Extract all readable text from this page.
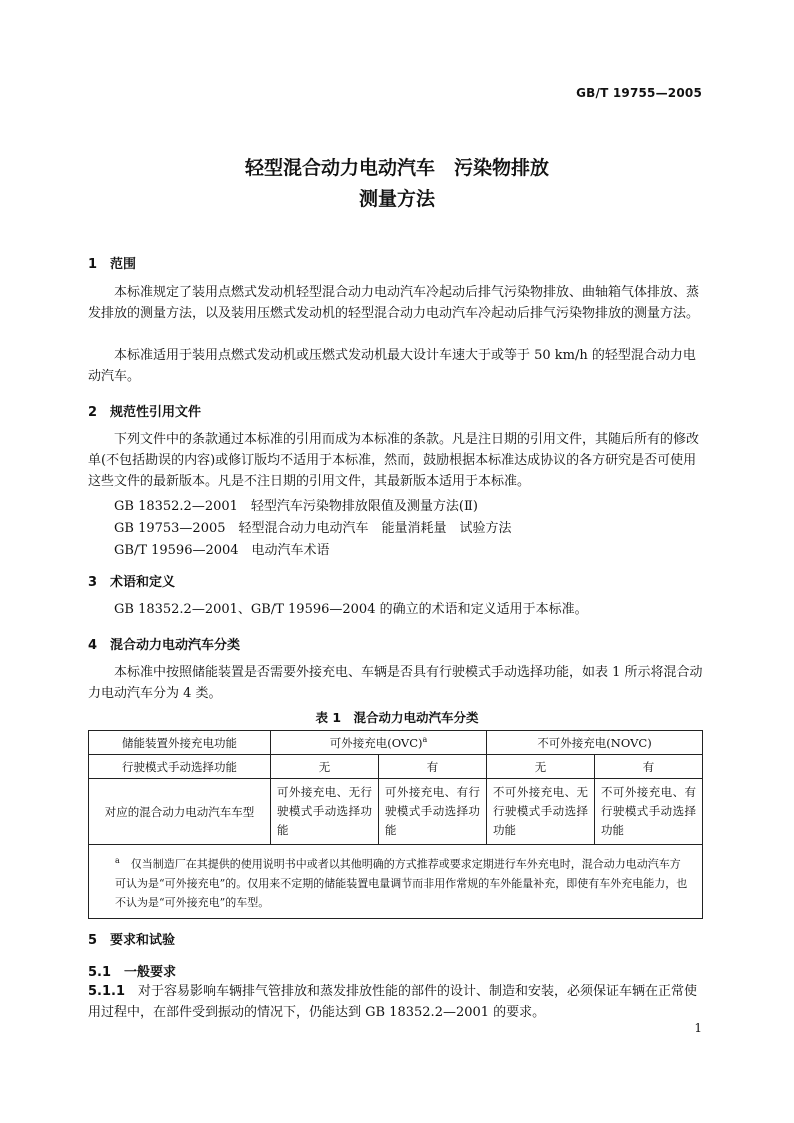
GB/T 19755—2005
轻型混合动力电动汽车　污染物排放
测量方法
1　范围
本标准规定了装用点燃式发动机轻型混合动力电动汽车冷起动后排气污染物排放、曲轴箱气体排放、蒸发排放的测量方法，以及装用压燃式发动机的轻型混合动力电动汽车冷起动后排气污染物排放的测量方法。
本标准适用于装用点燃式发动机或压燃式发动机最大设计车速大于或等于 50 km/h 的轻型混合动力电动汽车。
2　规范性引用文件
下列文件中的条款通过本标准的引用而成为本标准的条款。凡是注日期的引用文件，其随后所有的修改单(不包括勘误的内容)或修订版均不适用于本标准，然而，鼓励根据本标准达成协议的各方研究是否可使用这些文件的最新版本。凡是不注日期的引用文件，其最新版本适用于本标准。
GB 18352.2—2001　轻型汽车污染物排放限值及测量方法(Ⅱ)
GB 19753—2005　轻型混合动力电动汽车　能量消耗量　试验方法
GB/T 19596—2004　电动汽车术语
3　术语和定义
GB 18352.2—2001、GB/T 19596—2004 的确立的术语和定义适用于本标准。
4　混合动力电动汽车分类
本标准中按照储能装置是否需要外接充电、车辆是否具有行驶模式手动选择功能，如表 1 所示将混合动力电动汽车分为 4 类。
表 1　混合动力电动汽车分类
储能装置外接充电功能	可外接充电(OVC)$^a$		不可外接充电(NOVC)	
行驶模式手动选择功能	无	有	无	有
对应的混合动力电动汽车车型	可外接充电、无行驶模式手动选择功能	可外接充电、有行驶模式手动选择功能	不可外接充电、无行驶模式手动选择功能	不可外接充电、有行驶模式手动选择功能
$^a$　 仅当制造厂在其提供的使用说明书中或者以其他明确的方式推荐或要求定期进行车外充电时，混合动力电动汽车方可认为是“可外接充电”的。仅用来不定期的储能装置电量调节而非用作常规的车外能量补充，即使有车外充电能力，也不认为是“可外接充电”的车型。				
5　要求和试验
5.1　一般要求
5.1.1　 对于容易影响车辆排气管排放和蒸发排放性能的部件的设计、制造和安装，必须保证车辆在正常使用过程中，在部件受到振动的情况下，仍能达到 GB 18352.2—2001 的要求。
1
